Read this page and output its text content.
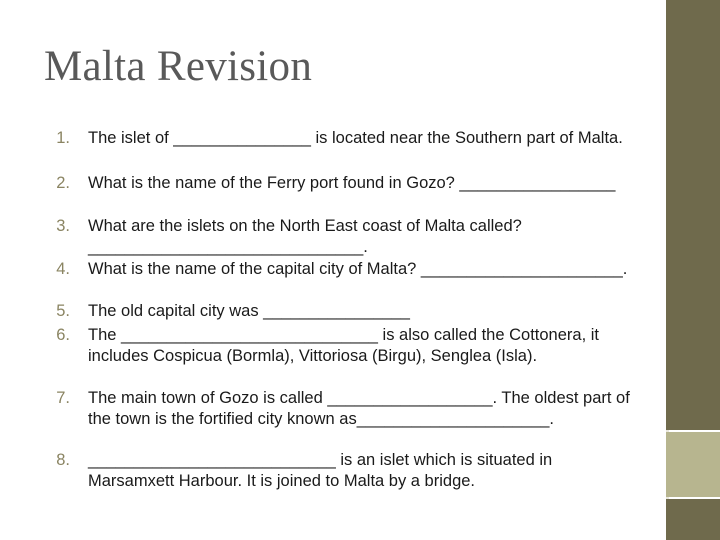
Malta Revision
1. The islet of _______________ is located near the Southern part of Malta.
2. What is the name of the Ferry port found in Gozo? _________________
3. What are the islets on the North East coast of Malta called? ______________________________.
4. What is the name of the capital city of Malta? ______________________.
5. The old capital city was ________________
6. The ____________________________ is also called the Cottonera, it includes Cospicua (Bormla), Vittoriosa (Birgu), Senglea (Isla).
7. The main town of Gozo is called __________________. The oldest part of the town is the fortified city known as_____________________.
8. ___________________________ is an islet which is situated in Marsamxett Harbour. It is joined to Malta by a bridge.
